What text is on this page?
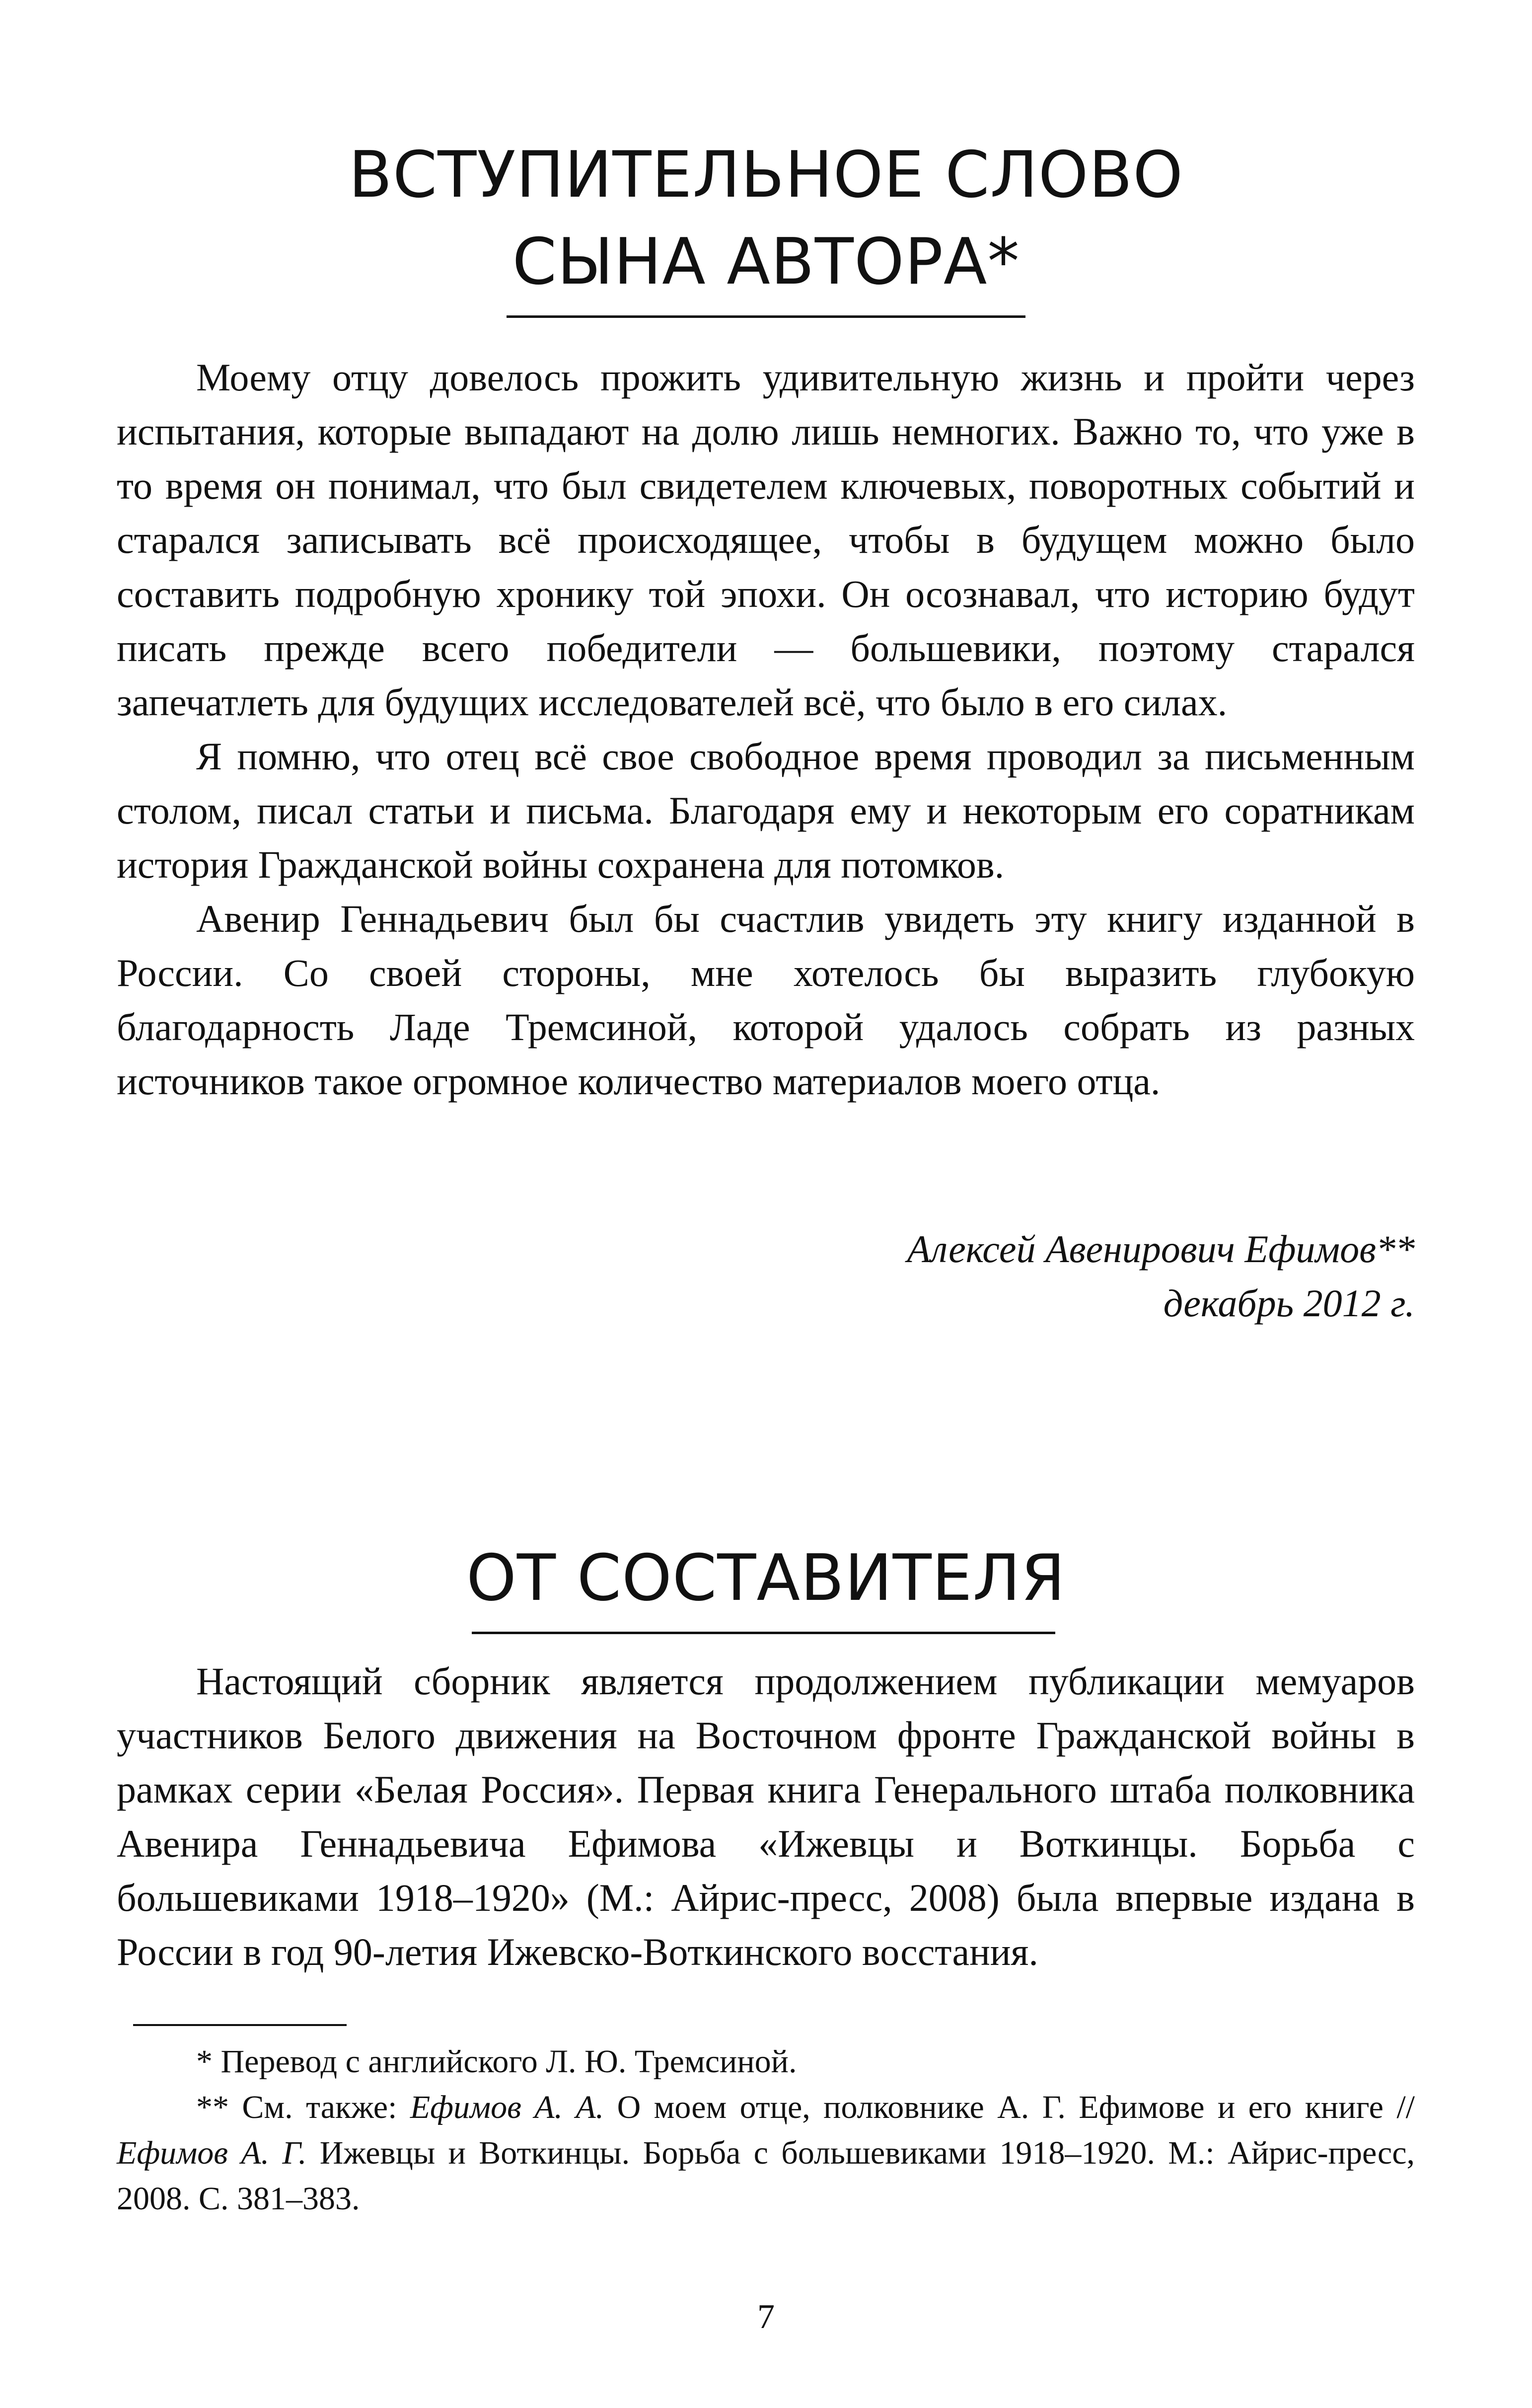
ВСТУПИТЕЛЬНОЕ СЛОВО
СЫНА АВТОРА*

Моему отцу довелось прожить удивительную жизнь и пройти через испытания, которые выпадают на долю лишь немногих. Важно то, что уже в то время он понимал, что был свидетелем ключевых, поворотных событий и старался записывать всё происходящее, чтобы в будущем можно было составить подробную хронику той эпохи. Он осознавал, что историю будут писать прежде всего победители — большевики, поэтому старался запечатлеть для будущих исследователей всё, что было в его силах.

Я помню, что отец всё свое свободное время проводил за письменным столом, писал статьи и письма. Благодаря ему и некоторым его соратникам история Гражданской войны сохранена для потомков.

Авенир Геннадьевич был бы счастлив увидеть эту книгу изданной в России. Со своей стороны, мне хотелось бы выразить глубокую благодарность Ладе Тремсиной, которой удалось собрать из разных источников такое огромное количество материалов моего отца.

Алексей Авенирович Ефимов**
декабрь 2012 г.
ОТ СОСТАВИТЕЛЯ

Настоящий сборник является продолжением публикации мемуаров участников Белого движения на Восточном фронте Гражданской войны в рамках серии «Белая Россия». Первая книга Генерального штаба полковника Авенира Геннадьевича Ефимова «Ижевцы и Воткинцы. Борьба с большевиками 1918–1920» (М.: Айрис-пресс, 2008) была впервые издана в России в год 90-летия Ижевско-Воткинского восстания.

* Перевод с английского Л. Ю. Тремсиной.

** См. также: Ефимов А. А. О моем отце, полковнике А. Г. Ефимове и его книге // Ефимов А. Г. Ижевцы и Воткинцы. Борьба с большевиками 1918–1920. М.: Айрис-пресс, 2008. С. 381–383.

7
